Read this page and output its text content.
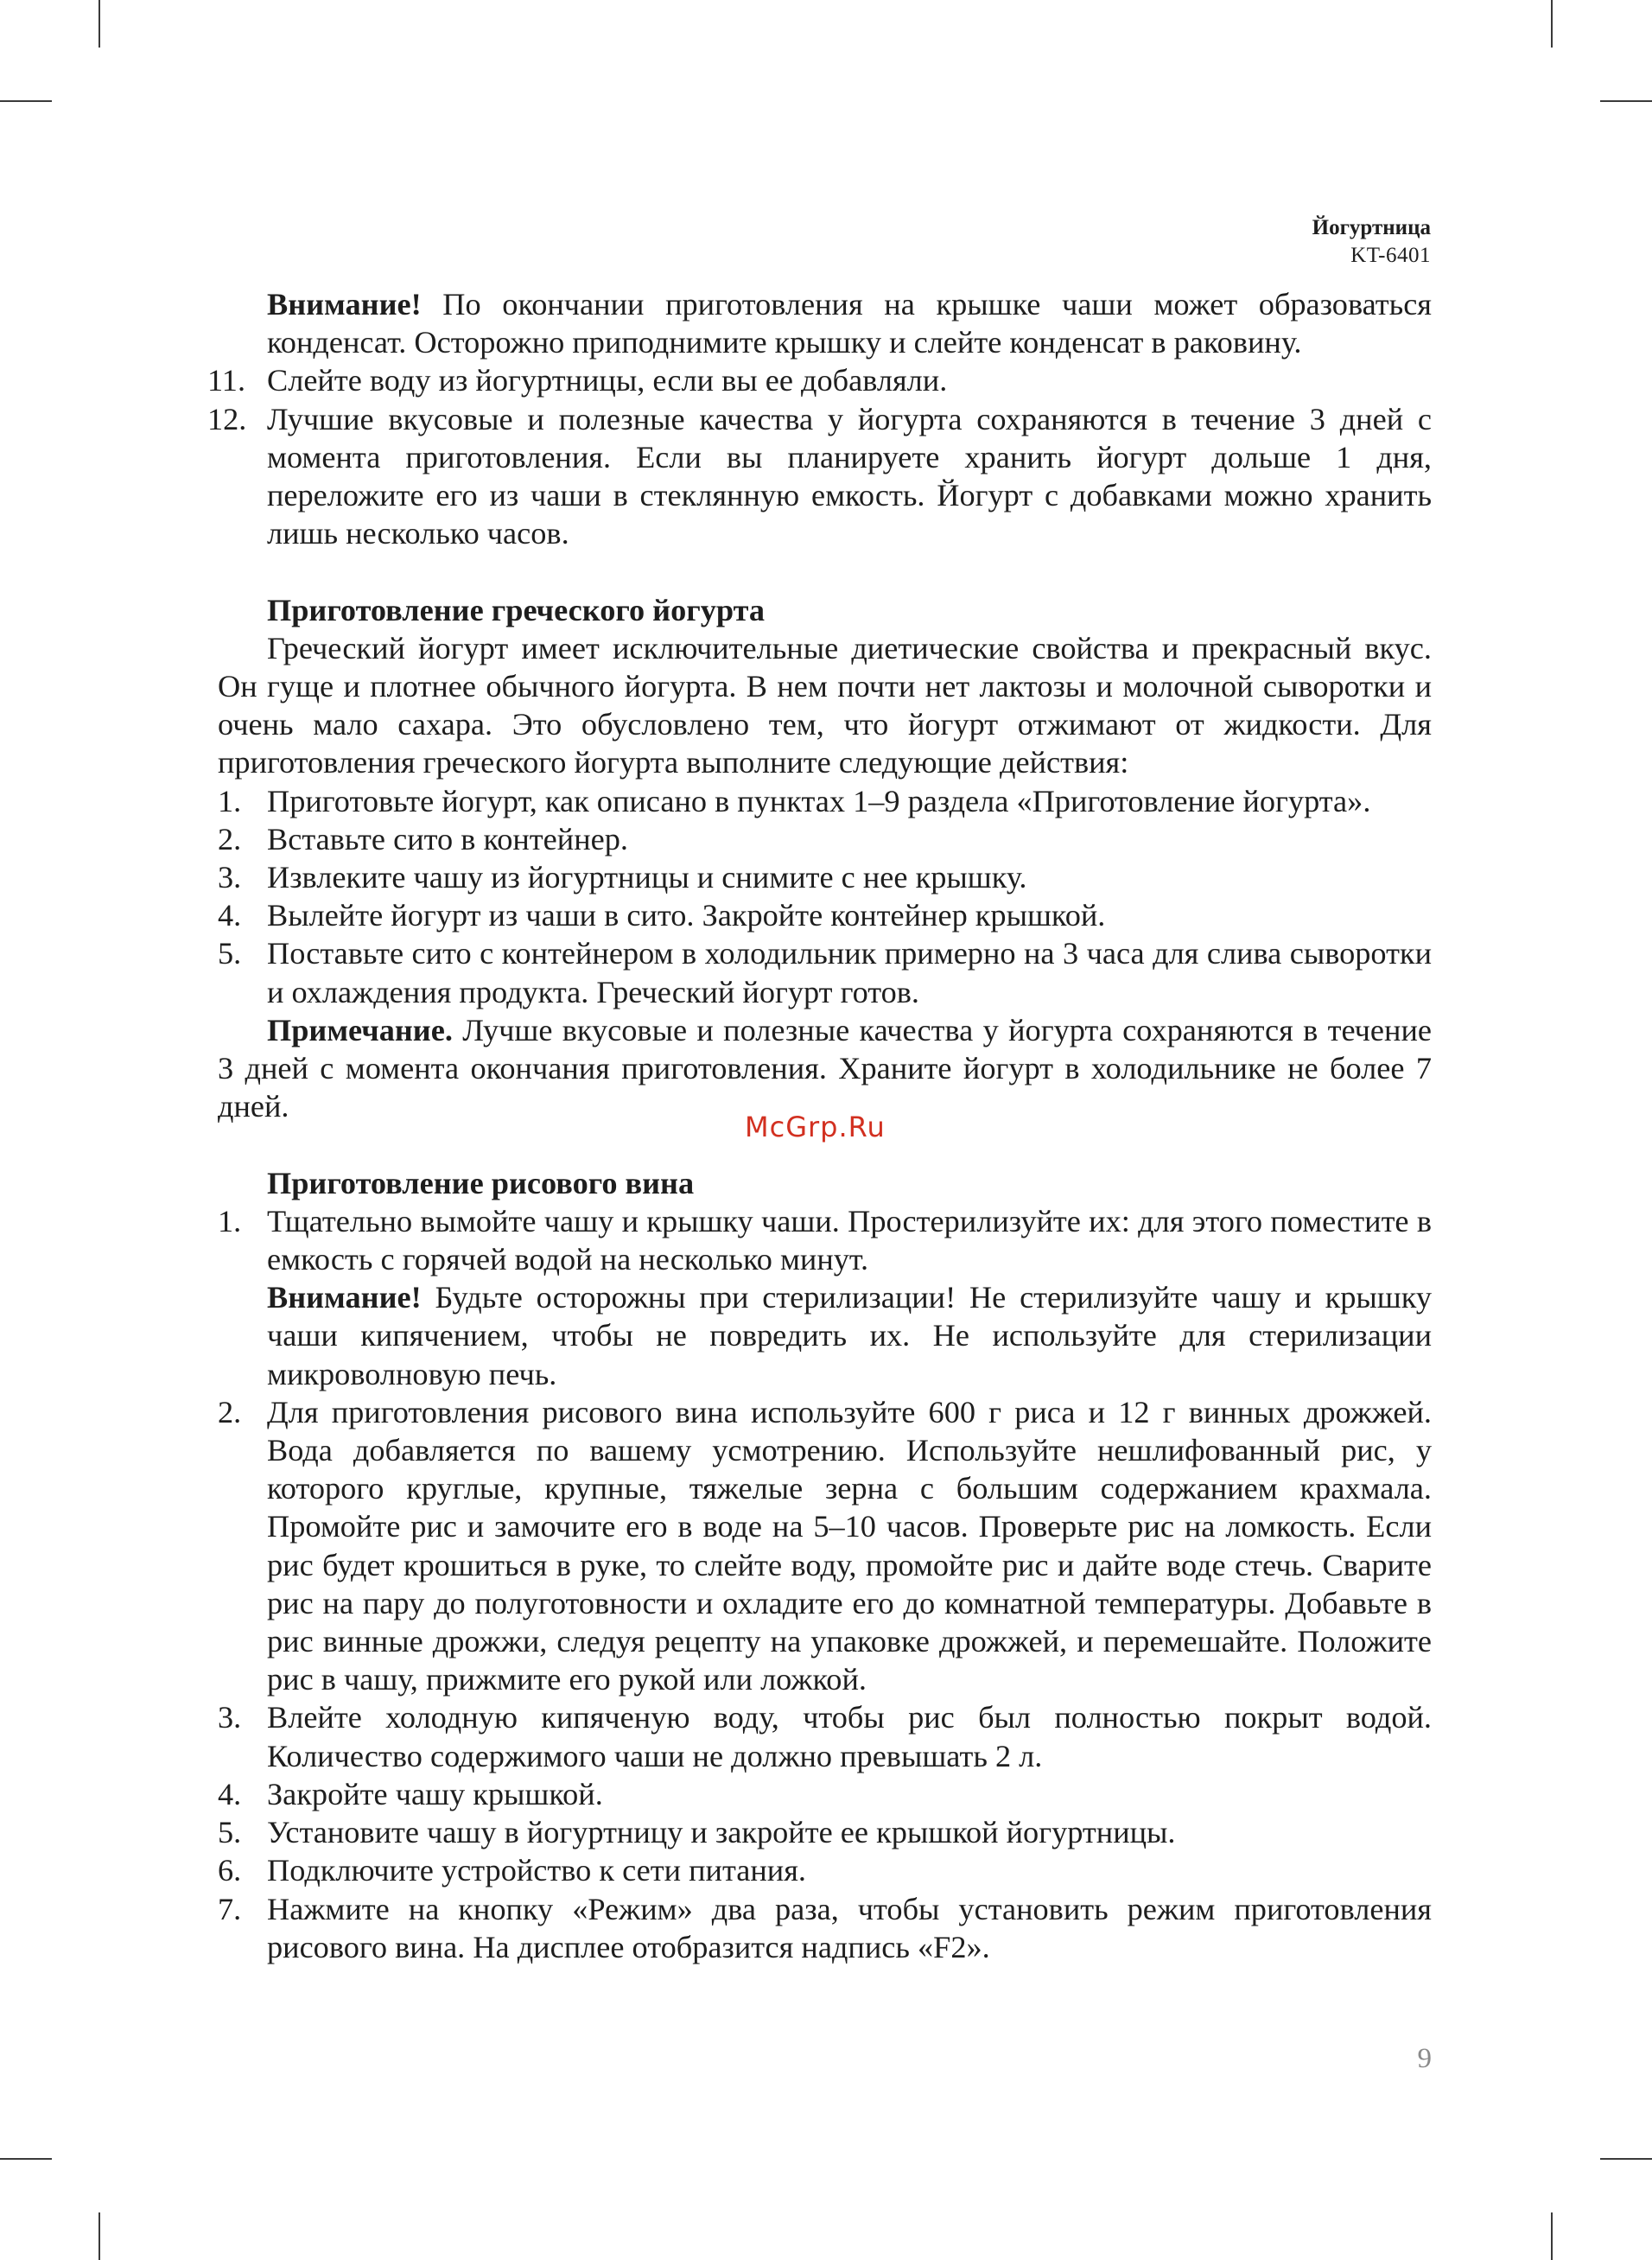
Йогуртница
KT-6401

Внимание! По окончании приготовления на крышке чаши может образоваться конденсат. Осторожно приподнимите крышку и слейте конденсат в раковину.

11. Слейте воду из йогуртницы, если вы ее добавляли.
12. Лучшие вкусовые и полезные качества у йогурта сохраняются в течение 3 дней с момента приготовления. Если вы планируете хранить йогурт дольше 1 дня, переложите его из чаши в стеклянную емкость. Йогурт с добавками можно хранить лишь несколько часов.

Приготовление греческого йогурта

Греческий йогурт имеет исключительные диетические свойства и прекрасный вкус. Он гуще и плотнее обычного йогурта. В нем почти нет лактозы и молочной сыворотки и очень мало сахара. Это обусловлено тем, что йогурт отжимают от жидкости. Для приготовления греческого йогурта выполните следующие действия:

1. Приготовьте йогурт, как описано в пунктах 1–9 раздела «Приготовление йогурта».
2. Вставьте сито в контейнер.
3. Извлеките чашу из йогуртницы и снимите с нее крышку.
4. Вылейте йогурт из чаши в сито. Закройте контейнер крышкой.
5. Поставьте сито с контейнером в холодильник примерно на 3 часа для слива сыворотки и охлаждения продукта. Греческий йогурт готов.

Примечание. Лучше вкусовые и полезные качества у йогурта сохраняются в течение 3 дней с момента окончания приготовления. Храните йогурт в холодильнике не более 7 дней.

Приготовление рисового вина

1. Тщательно вымойте чашу и крышку чаши. Простерилизуйте их: для этого поместите в емкость с горячей водой на несколько минут.
Внимание! Будьте осторожны при стерилизации! Не стерилизуйте чашу и крышку чаши кипячением, чтобы не повредить их. Не используйте для стерилизации микроволновую печь.
2. Для приготовления рисового вина используйте 600 г риса и 12 г винных дрожжей. Вода добавляется по вашему усмотрению. Используйте нешлифованный рис, у которого круглые, крупные, тяжелые зерна с большим содержанием крахмала. Промойте рис и замочите его в воде на 5–10 часов. Проверьте рис на ломкость. Если рис будет крошиться в руке, то слейте воду, промойте рис и дайте воде стечь. Сварите рис на пару до полуготовности и охладите его до комнатной температуры. Добавьте в рис винные дрожжи, следуя рецепту на упаковке дрожжей, и перемешайте. Положите рис в чашу, прижмите его рукой или ложкой.
3. Влейте холодную кипяченую воду, чтобы рис был полностью покрыт водой. Количество содержимого чаши не должно превышать 2 л.
4. Закройте чашу крышкой.
5. Установите чашу в йогуртницу и закройте ее крышкой йогуртницы.
6. Подключите устройство к сети питания.
7. Нажмите на кнопку «Режим» два раза, чтобы установить режим приготовления рисового вина. На дисплее отобразится надпись «F2».
McGrp.Ru
9
